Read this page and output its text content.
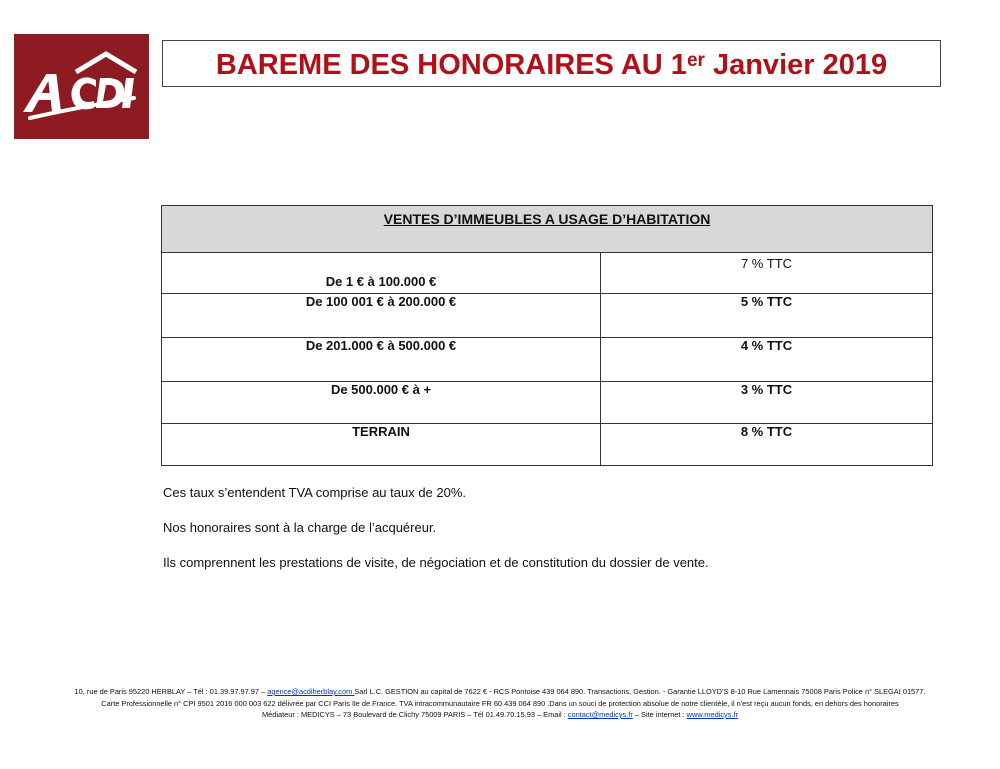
BAREME DES HONORAIRES AU 1er Janvier 2019
VENTES D’IMMEUBLES A USAGE D’HABITATION	
De 1 € à 100.000 €	7 % TTC
De 100 001 € à 200.000 €	5 % TTC
De 201.000 € à 500.000 €	4 % TTC
De 500.000 € à +	3 % TTC
TERRAIN	8 % TTC

Ces taux s’entendent TVA comprise au taux de 20%.

Nos honoraires sont à la charge de l’acquéreur.

Ils comprennent les prestations de visite, de négociation et de constitution du dossier de vente.

10, rue de Paris 95220 HERBLAY – Tél : 01.39.97.97.97 – agence@acdiherblay.com Sarl L.C. GESTION au capital de 7622 € - RCS Pontoise 439 064 890. Transactions, Gestion. - Garantie LLOYD’S 8-10 Rue Lamennais 75008 Paris Police n° SLEGAI 01577.
Carte Professionnelle n° CPI 9501 2016 000 003 622 délivrée par CCI Paris Ile de France. TVA intracommunautaire FR 60 439 064 890 .Dans un souci de protection absolue de notre clientèle, il n'est reçu aucun fonds, en dehors des honoraires
Médiateur : MEDICYS – 73 Boulevard de Clichy 75009 PARIS – Tél 01.49.70.15.93 – Email : contact@medicys.fr – Site internet : www.medicys.fr
